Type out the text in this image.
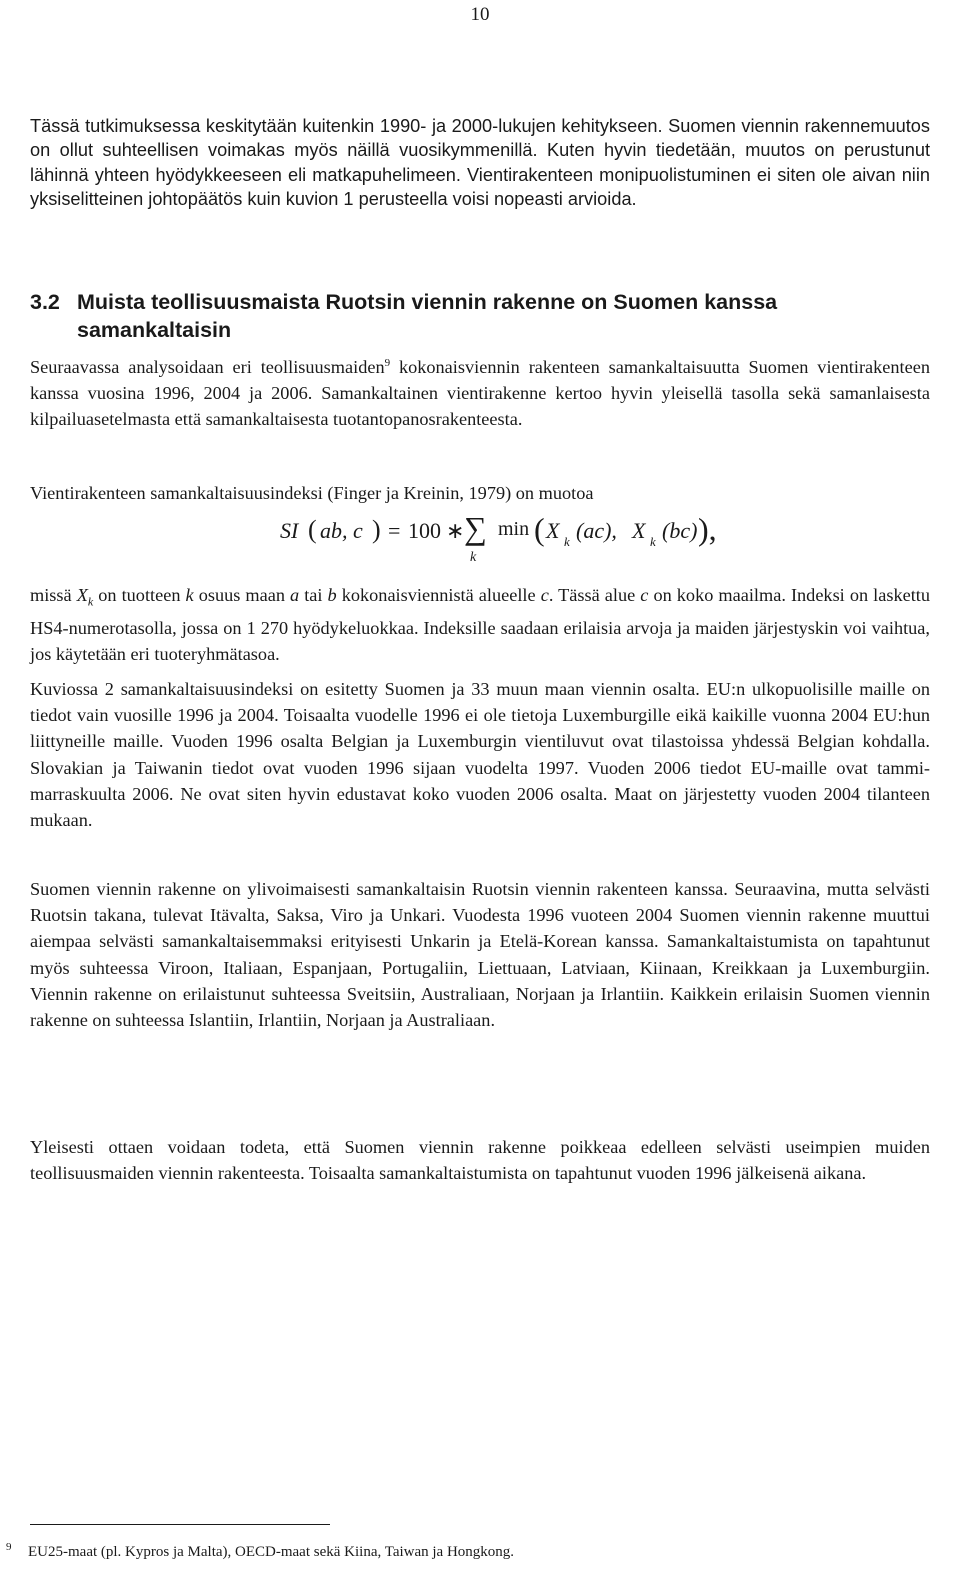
10

Tässä tutkimuksessa keskitytään kuitenkin 1990- ja 2000-lukujen kehitykseen. Suomen viennin rakennemuutos on ollut suhteellisen voimakas myös näillä vuosikymmenillä. Kuten hyvin tiedetään, muutos on perustunut lähinnä yhteen hyödykkeeseen eli matkapuhelimeen. Vientirakenteen monipuolistuminen ei siten ole aivan niin yksiselitteinen johtopäätös kuin kuvion 1 perusteella voisi nopeasti arvioida.

3.2 Muista teollisuusmaista Ruotsin viennin rakenne on Suomen kanssa samankaltaisin

Seuraavassa analysoidaan eri teollisuusmaiden$^9$ kokonaisviennin rakenteen samankaltaisuutta Suomen vientirakenteen kanssa vuosina 1996, 2004 ja 2006. Samankaltainen vientirakenne kertoo hyvin yleisellä tasolla sekä samanlaisesta kilpailuasetelmasta että samankaltaisesta tuotantopanosrakenteesta.

Vientirakenteen samankaltaisuusindeksi (Finger ja Kreinin, 1979) on muotoa

SI ( ab, c ) = 100 ∗ ∑
k
min ( X k (ac), X k (bc) ),

missä $X_k$ on tuotteen k osuus maan a tai b kokonaisviennistä alueelle c. Tässä alue c on koko maailma. Indeksi on laskettu HS4-numerotasolla, jossa on 1 270 hyödykeluokkaa. Indeksille saadaan erilaisia arvoja ja maiden järjestyskin voi vaihtua, jos käytetään eri tuoteryhmätasoa.

Kuviossa 2 samankaltaisuusindeksi on esitetty Suomen ja 33 muun maan viennin osalta. EU:n ulkopuolisille maille on tiedot vain vuosille 1996 ja 2004. Toisaalta vuodelle 1996 ei ole tietoja Luxemburgille eikä kaikille vuonna 2004 EU:hun liittyneille maille. Vuoden 1996 osalta Belgian ja Luxemburgin vientiluvut ovat tilastoissa yhdessä Belgian kohdalla. Slovakian ja Taiwanin tiedot ovat vuoden 1996 sijaan vuodelta 1997. Vuoden 2006 tiedot EU-maille ovat tammi-marraskuulta 2006. Ne ovat siten hyvin edustavat koko vuoden 2006 osalta. Maat on järjestetty vuoden 2004 tilanteen mukaan.

Suomen viennin rakenne on ylivoimaisesti samankaltaisin Ruotsin viennin rakenteen kanssa. Seuraavina, mutta selvästi Ruotsin takana, tulevat Itävalta, Saksa, Viro ja Unkari. Vuodesta 1996 vuoteen 2004 Suomen viennin rakenne muuttui aiempaa selvästi samankaltaisemmaksi erityisesti Unkarin ja Etelä-Korean kanssa. Samankaltaistumista on tapahtunut myös suhteessa Viroon, Italiaan, Espanjaan, Portugaliin, Liettuaan, Latviaan, Kiinaan, Kreikkaan ja Luxemburgiin. Viennin rakenne on erilaistunut suhteessa Sveitsiin, Australiaan, Norjaan ja Irlantiin. Kaikkein erilaisin Suomen viennin rakenne on suhteessa Islantiin, Irlantiin, Norjaan ja Australiaan.

Yleisesti ottaen voidaan todeta, että Suomen viennin rakenne poikkeaa edelleen selvästi useimpien muiden teollisuusmaiden viennin rakenteesta. Toisaalta samankaltaistumista on tapahtunut vuoden 1996 jälkeisenä aikana.

9 EU25-maat (pl. Kypros ja Malta), OECD-maat sekä Kiina, Taiwan ja Hongkong.
